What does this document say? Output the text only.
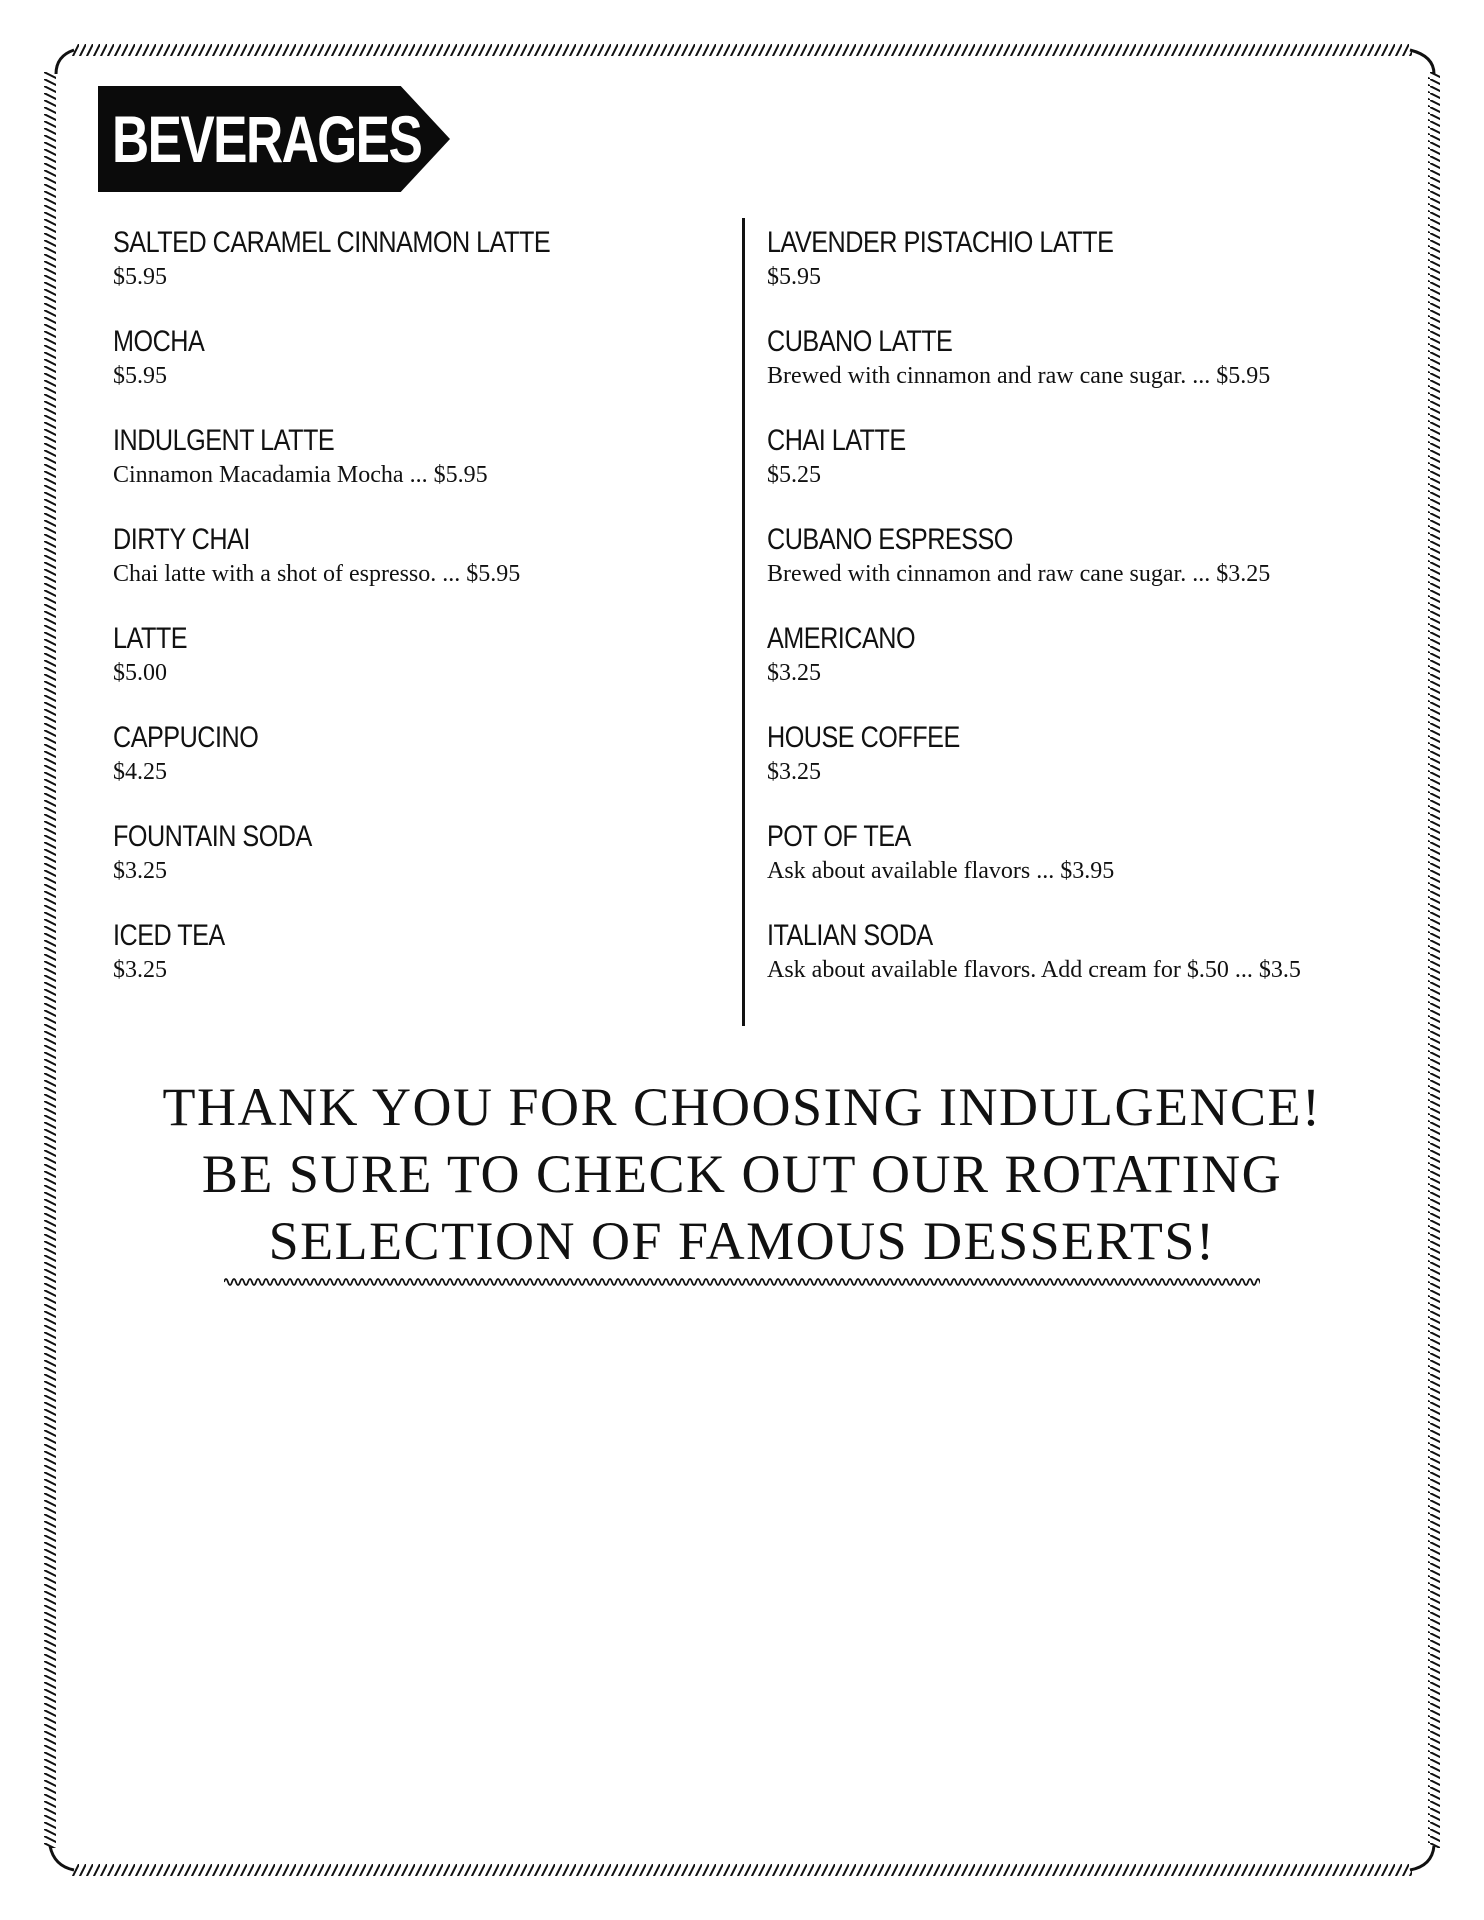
BEVERAGES
SALTED CARAMEL CINNAMON LATTE
$5.95
MOCHA
$5.95
INDULGENT LATTE
Cinnamon Macadamia Mocha ... $5.95
DIRTY CHAI
Chai latte with a shot of espresso. ... $5.95
LATTE
$5.00
CAPPUCINO
$4.25
FOUNTAIN SODA
$3.25
ICED TEA
$3.25
LAVENDER PISTACHIO LATTE
$5.95
CUBANO LATTE
Brewed with cinnamon and raw cane sugar. ... $5.95
CHAI LATTE
$5.25
CUBANO ESPRESSO
Brewed with cinnamon and raw cane sugar. ... $3.25
AMERICANO
$3.25
HOUSE COFFEE
$3.25
POT OF TEA
Ask about available flavors ... $3.95
ITALIAN SODA
Ask about available flavors. Add cream for $.50 ... $3.5

THANK YOU FOR CHOOSING INDULGENCE!
BE SURE TO CHECK OUT OUR ROTATING
SELECTION OF FAMOUS DESSERTS!
